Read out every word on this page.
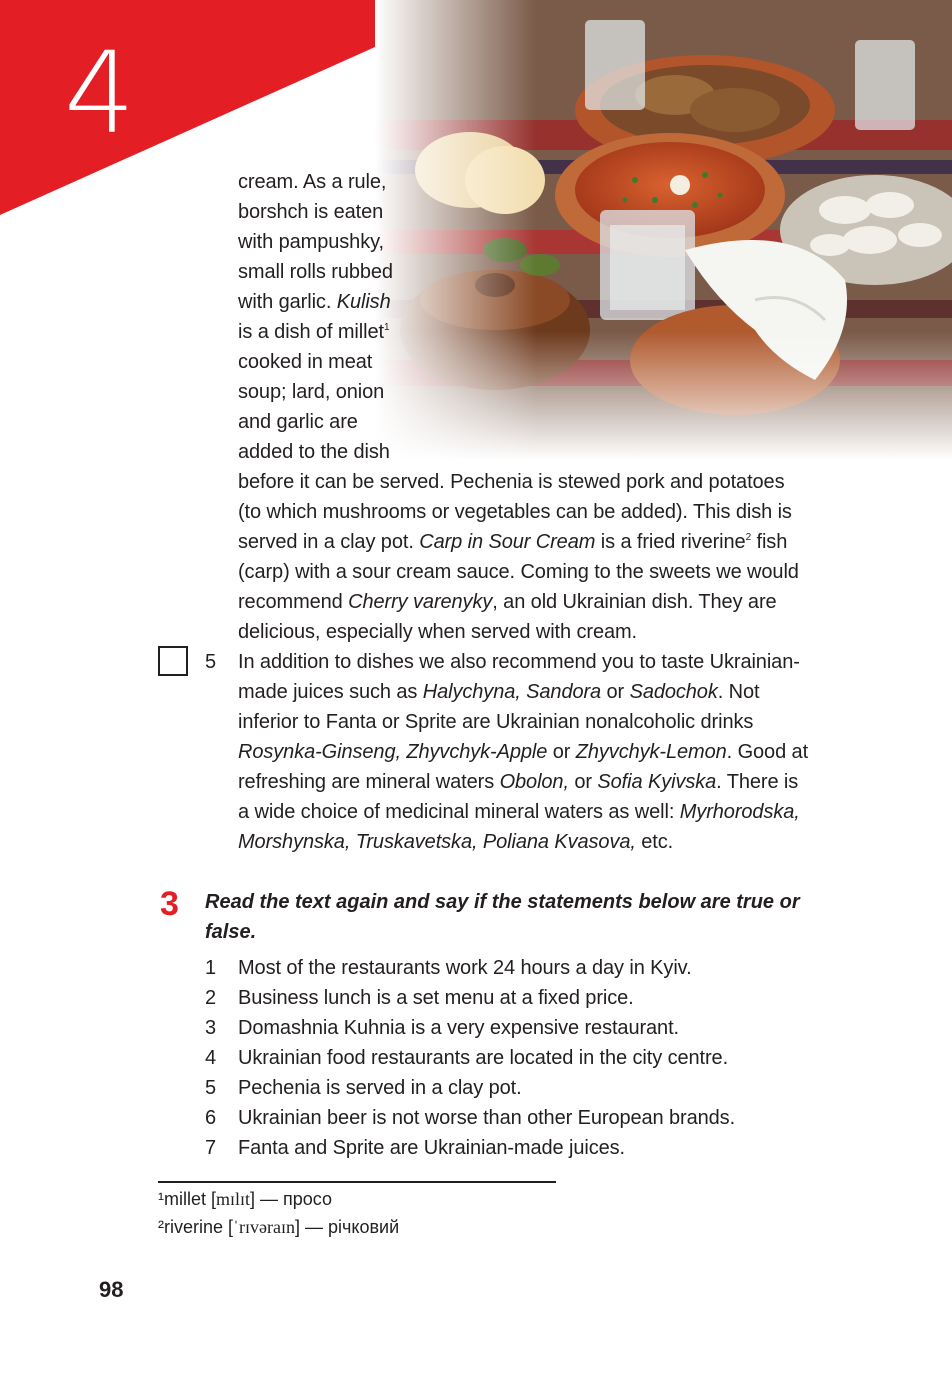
4
cream. As a rule,
borshch is eaten
with pampushky,
small rolls rubbed
with garlic. Kulish
is a dish of millet$^1$
cooked in meat
soup; lard, onion
and garlic are
added to the dish
before it can be served. Pechenia is stewed pork and potatoes
(to which mushrooms or vegetables can be added). This dish is
served in a clay pot. Carp in Sour Cream is a fried riverine$^2$ fish
(carp) with a sour cream sauce. Coming to the sweets we would
recommend Cherry varenyky, an old Ukrainian dish. They are
delicious, especially when served with cream.
5 In addition to dishes we also recommend you to taste Ukrainian-
made juices such as Halychyna, Sandora or Sadochok. Not
inferior to Fanta or Sprite are Ukrainian nonalcoholic drinks
Rosynka-Ginseng, Zhyvchyk-Apple or Zhyvchyk-Lemon. Good at
refreshing are mineral waters Obolon, or Sofia Kyivska. There is
a wide choice of medicinal mineral waters as well: Myrhorodska,
Morshynska, Truskavetska, Poliana Kvasova, etc.
3 Read the text again and say if the statements below are true or
false.
1 Most of the restaurants work 24 hours a day in Kyiv.
2 Business lunch is a set menu at a fixed price.
3 Domashnia Kuhnia is a very expensive restaurant.
4 Ukrainian food restaurants are located in the city centre.
5 Pechenia is served in a clay pot.
6 Ukrainian beer is not worse than other European brands.
7 Fanta and Sprite are Ukrainian-made juices.
¹millet [mɪlɪt] — просо
²riverine [ˈrɪvəraɪn] — річковий
98
